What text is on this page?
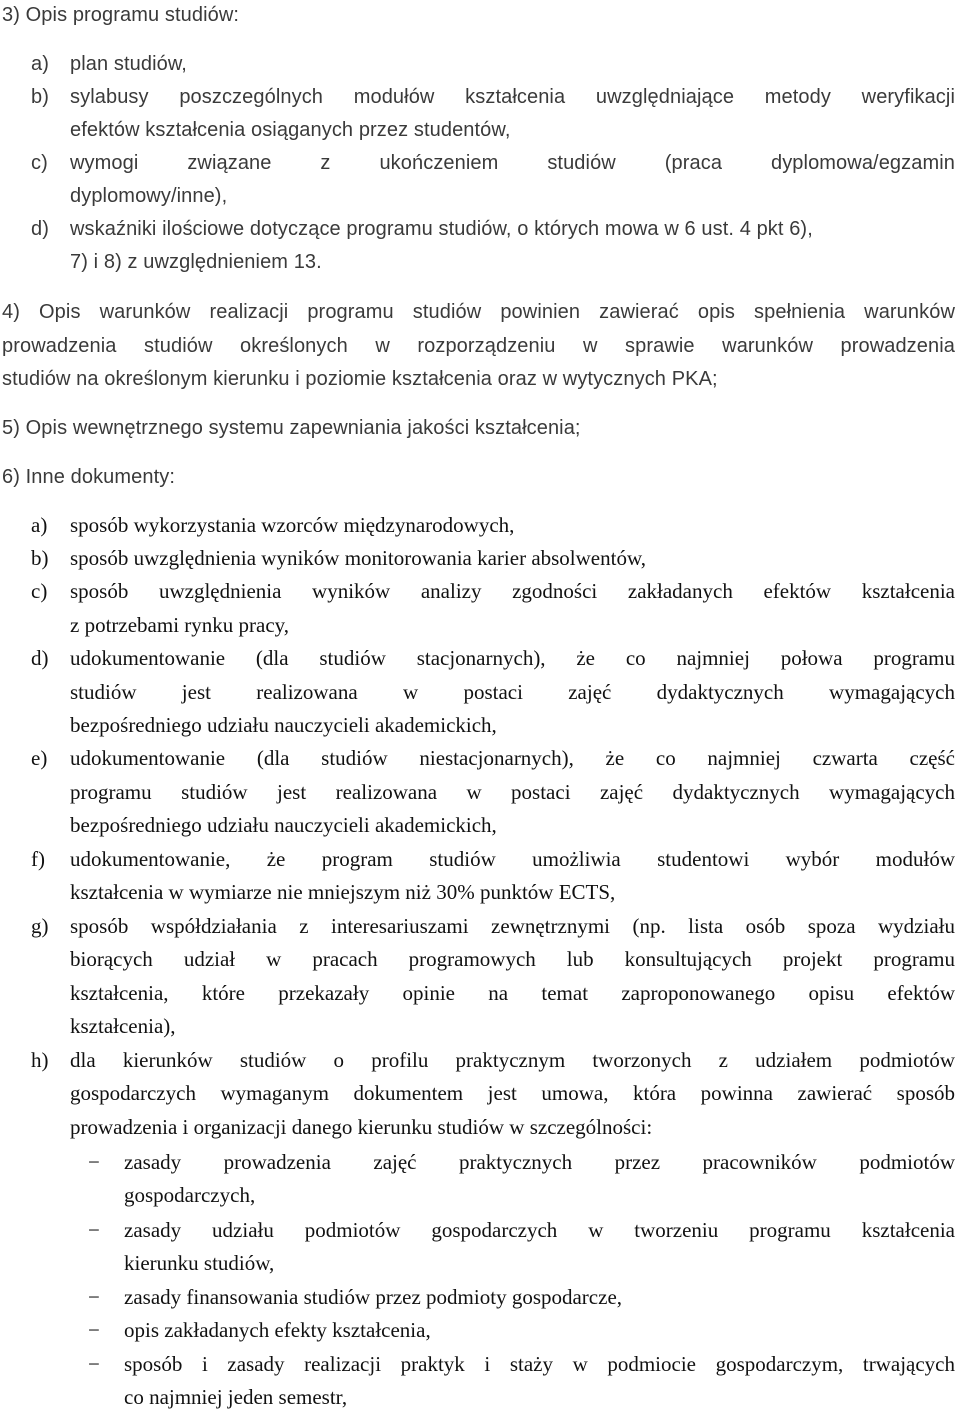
3) Opis programu studiów:
a) plan studiów,
b) sylabusy poszczególnych modułów kształcenia uwzględniające metody weryfikacji
efektów kształcenia osiąganych przez studentów,
c) wymogi związane z ukończeniem studiów (praca dyplomowa/egzamin
dyplomowy/inne),
d) wskaźniki ilościowe dotyczące programu studiów, o których mowa w 6 ust. 4 pkt 6),
7) i 8) z uwzględnieniem 13.
4) Opis warunków realizacji programu studiów powinien zawierać opis spełnienia warunków
prowadzenia studiów określonych w rozporządzeniu w sprawie warunków prowadzenia
studiów na określonym kierunku i poziomie kształcenia oraz w wytycznych PKA;
5) Opis wewnętrznego systemu zapewniania jakości kształcenia;
6) Inne dokumenty:
a) sposób wykorzystania wzorców międzynarodowych,
b) sposób uwzględnienia wyników monitorowania karier absolwentów,
c) sposób uwzględnienia wyników analizy zgodności zakładanych efektów kształcenia
z potrzebami rynku pracy,
d) udokumentowanie (dla studiów stacjonarnych), że co najmniej połowa programu
studiów jest realizowana w postaci zajęć dydaktycznych wymagających
bezpośredniego udziału nauczycieli akademickich,
e) udokumentowanie (dla studiów niestacjonarnych), że co najmniej czwarta część
programu studiów jest realizowana w postaci zajęć dydaktycznych wymagających
bezpośredniego udziału nauczycieli akademickich,
f) udokumentowanie, że program studiów umożliwia studentowi wybór modułów
kształcenia w wymiarze nie mniejszym niż 30% punktów ECTS,
g) sposób współdziałania z interesariuszami zewnętrznymi (np. lista osób spoza wydziału
biorących udział w pracach programowych lub konsultujących projekt programu
kształcenia, które przekazały opinie na temat zaproponowanego opisu efektów
kształcenia),
h) dla kierunków studiów o profilu praktycznym tworzonych z udziałem podmiotów
gospodarczych wymaganym dokumentem jest umowa, która powinna zawierać sposób
prowadzenia i organizacji danego kierunku studiów w szczególności:
− zasady prowadzenia zajęć praktycznych przez pracowników podmiotów
gospodarczych,
− zasady udziału podmiotów gospodarczych w tworzeniu programu kształcenia
kierunku studiów,
− zasady finansowania studiów przez podmioty gospodarcze,
− opis zakładanych efekty kształcenia,
− sposób i zasady realizacji praktyk i staży w podmiocie gospodarczym, trwających
co najmniej jeden semestr,
